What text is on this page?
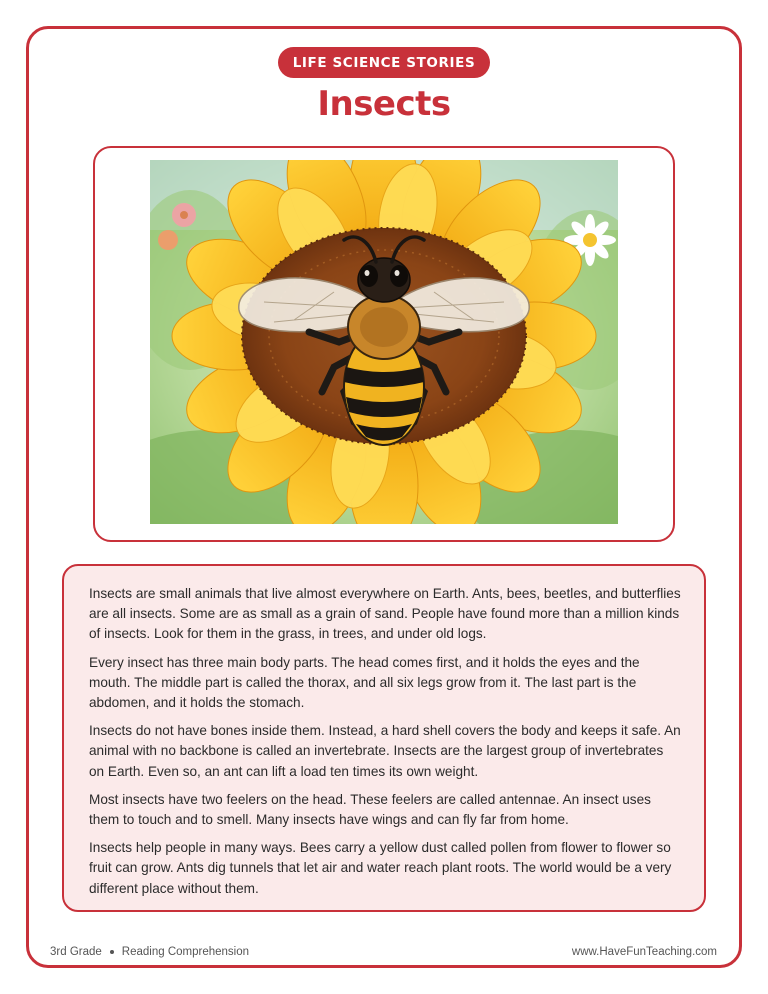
LIFE SCIENCE STORIES
Insects

Insects are small animals that live almost everywhere on Earth. Ants, bees, beetles, and butterflies are all insects. Some are as small as a grain of sand. People have found more than a million kinds of insects. Look for them in the grass, in trees, and under old logs.

Every insect has three main body parts. The head comes first, and it holds the eyes and the mouth. The middle part is called the thorax, and all six legs grow from it. The last part is the abdomen, and it holds the stomach.

Insects do not have bones inside them. Instead, a hard shell covers the body and keeps it safe. An animal with no backbone is called an invertebrate. Insects are the largest group of invertebrates on Earth. Even so, an ant can lift a load ten times its own weight.

Most insects have two feelers on the head. These feelers are called antennae. An insect uses them to touch and to smell. Many insects have wings and can fly far from home.

Insects help people in many ways. Bees carry a yellow dust called pollen from flower to flower so fruit can grow. Ants dig tunnels that let air and water reach plant roots. The world would be a very different place without them.

3rd Grade Reading Comprehension	www.HaveFunTeaching.com
